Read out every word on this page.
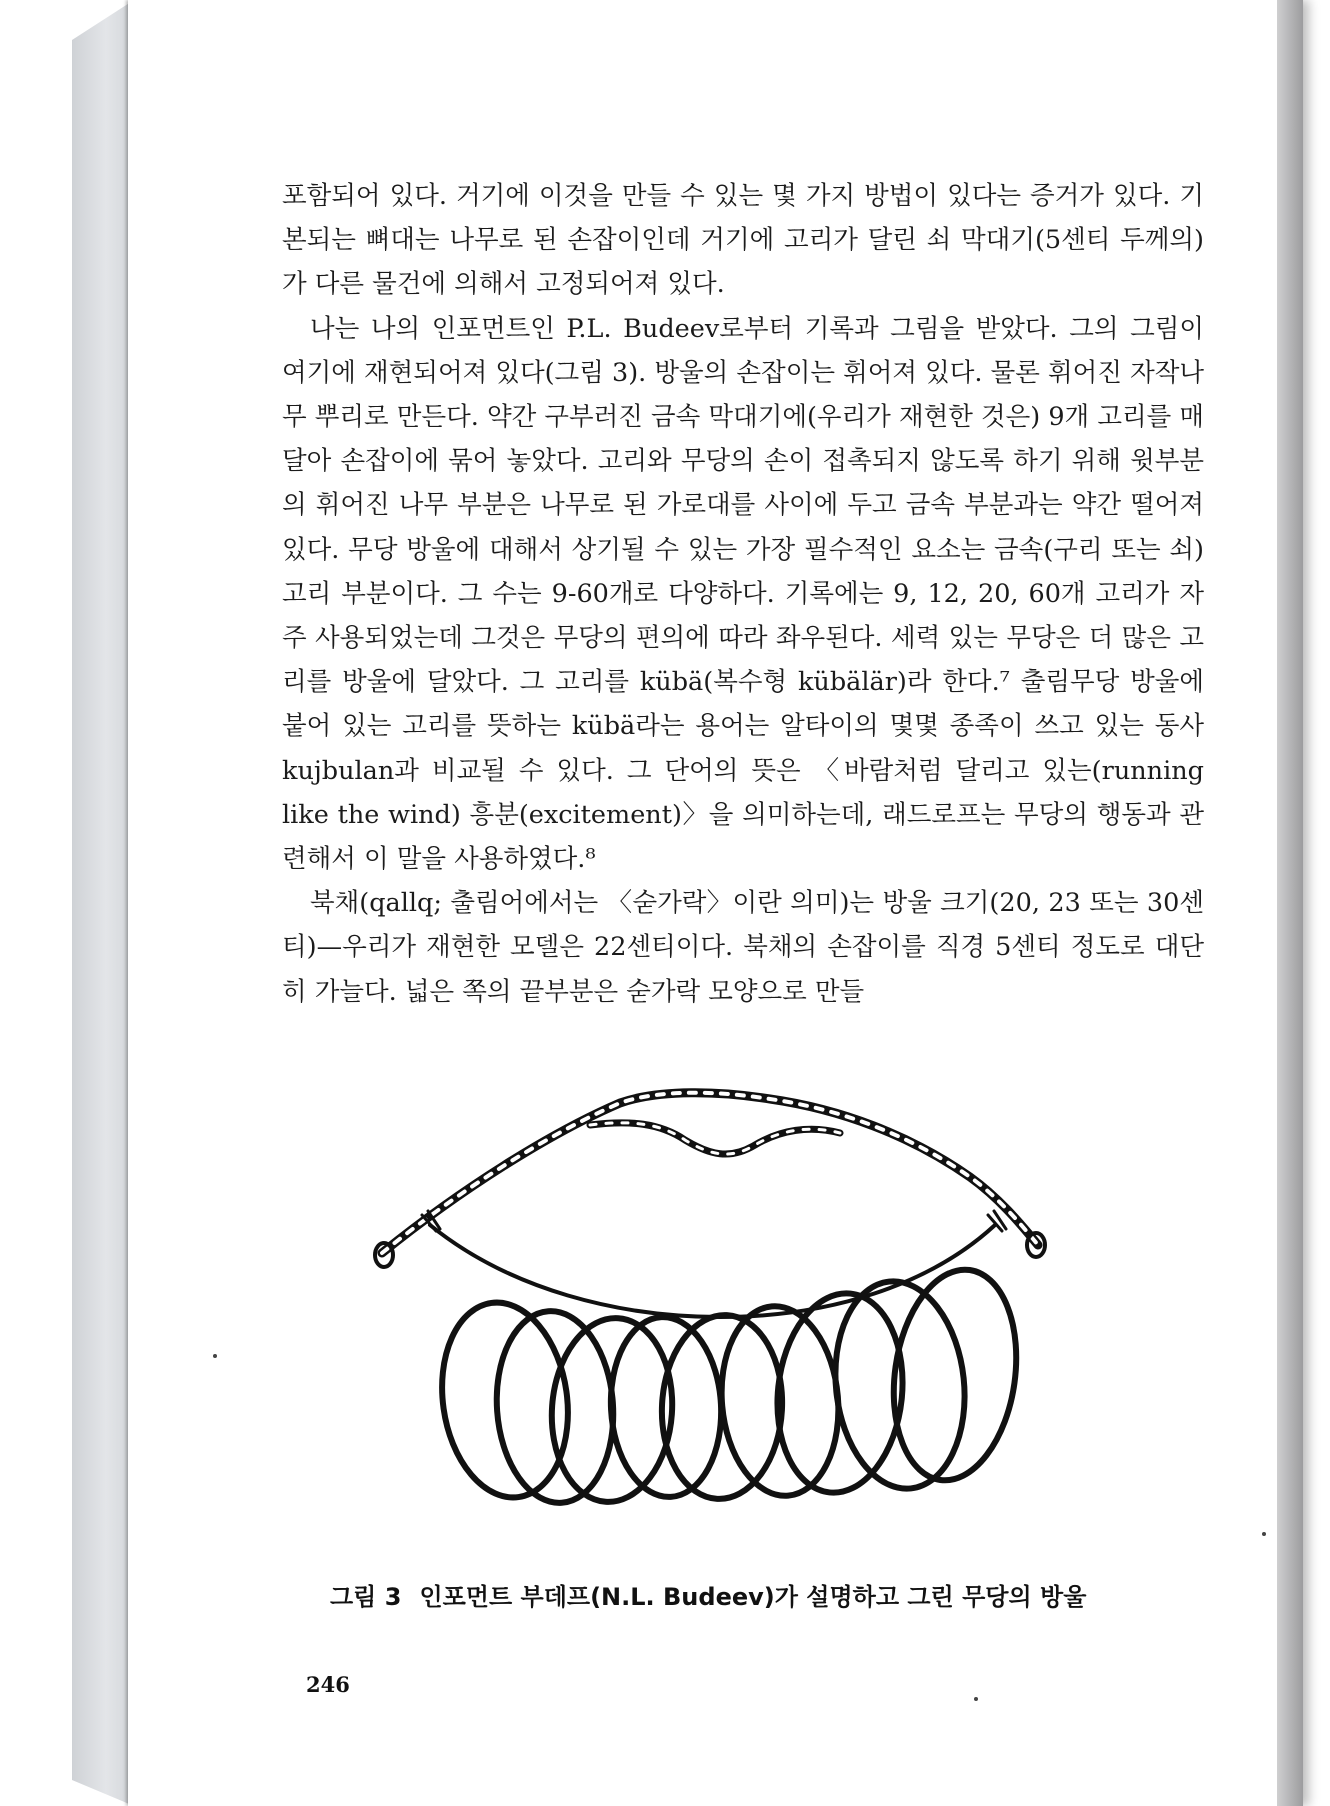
포함되어 있다. 거기에 이것을 만들 수 있는 몇 가지 방법이 있다는 증거가 있다. 기본되는 뼈대는 나무로 된 손잡이인데 거기에 고리가 달린 쇠 막대기(5센티 두께의)가 다른 물건에 의해서 고정되어져 있다.

나는 나의 인포먼트인 P.L. Budeev로부터 기록과 그림을 받았다. 그의 그림이 여기에 재현되어져 있다(그림 3). 방울의 손잡이는 휘어져 있다. 물론 휘어진 자작나무 뿌리로 만든다. 약간 구부러진 금속 막대기에(우리가 재현한 것은) 9개 고리를 매달아 손잡이에 묶어 놓았다. 고리와 무당의 손이 접촉되지 않도록 하기 위해 윗부분의 휘어진 나무 부분은 나무로 된 가로대를 사이에 두고 금속 부분과는 약간 떨어져 있다. 무당 방울에 대해서 상기될 수 있는 가장 필수적인 요소는 금속(구리 또는 쇠) 고리 부분이다. 그 수는 9-60개로 다양하다. 기록에는 9, 12, 20, 60개 고리가 자주 사용되었는데 그것은 무당의 편의에 따라 좌우된다. 세력 있는 무당은 더 많은 고리를 방울에 달았다. 그 고리를 kübä(복수형 kübälär)라 한다.⁷ 출림무당 방울에 붙어 있는 고리를 뜻하는 kübä라는 용어는 알타이의 몇몇 종족이 쓰고 있는 동사 kujbulan과 비교될 수 있다. 그 단어의 뜻은 〈바람처럼 달리고 있는(running like the wind) 흥분(excitement)〉을 의미하는데, 래드로프는 무당의 행동과 관련해서 이 말을 사용하였다.⁸

북채(qallq; 출림어에서는 〈숟가락〉이란 의미)는 방울 크기(20, 23 또는 30센티)—우리가 재현한 모델은 22센티이다. 북채의 손잡이를 직경 5센티 정도로 대단히 가늘다. 넓은 쪽의 끝부분은 숟가락 모양으로 만들

그림 3 인포먼트 부데프(N.L. Budeev)가 설명하고 그린 무당의 방울
246
